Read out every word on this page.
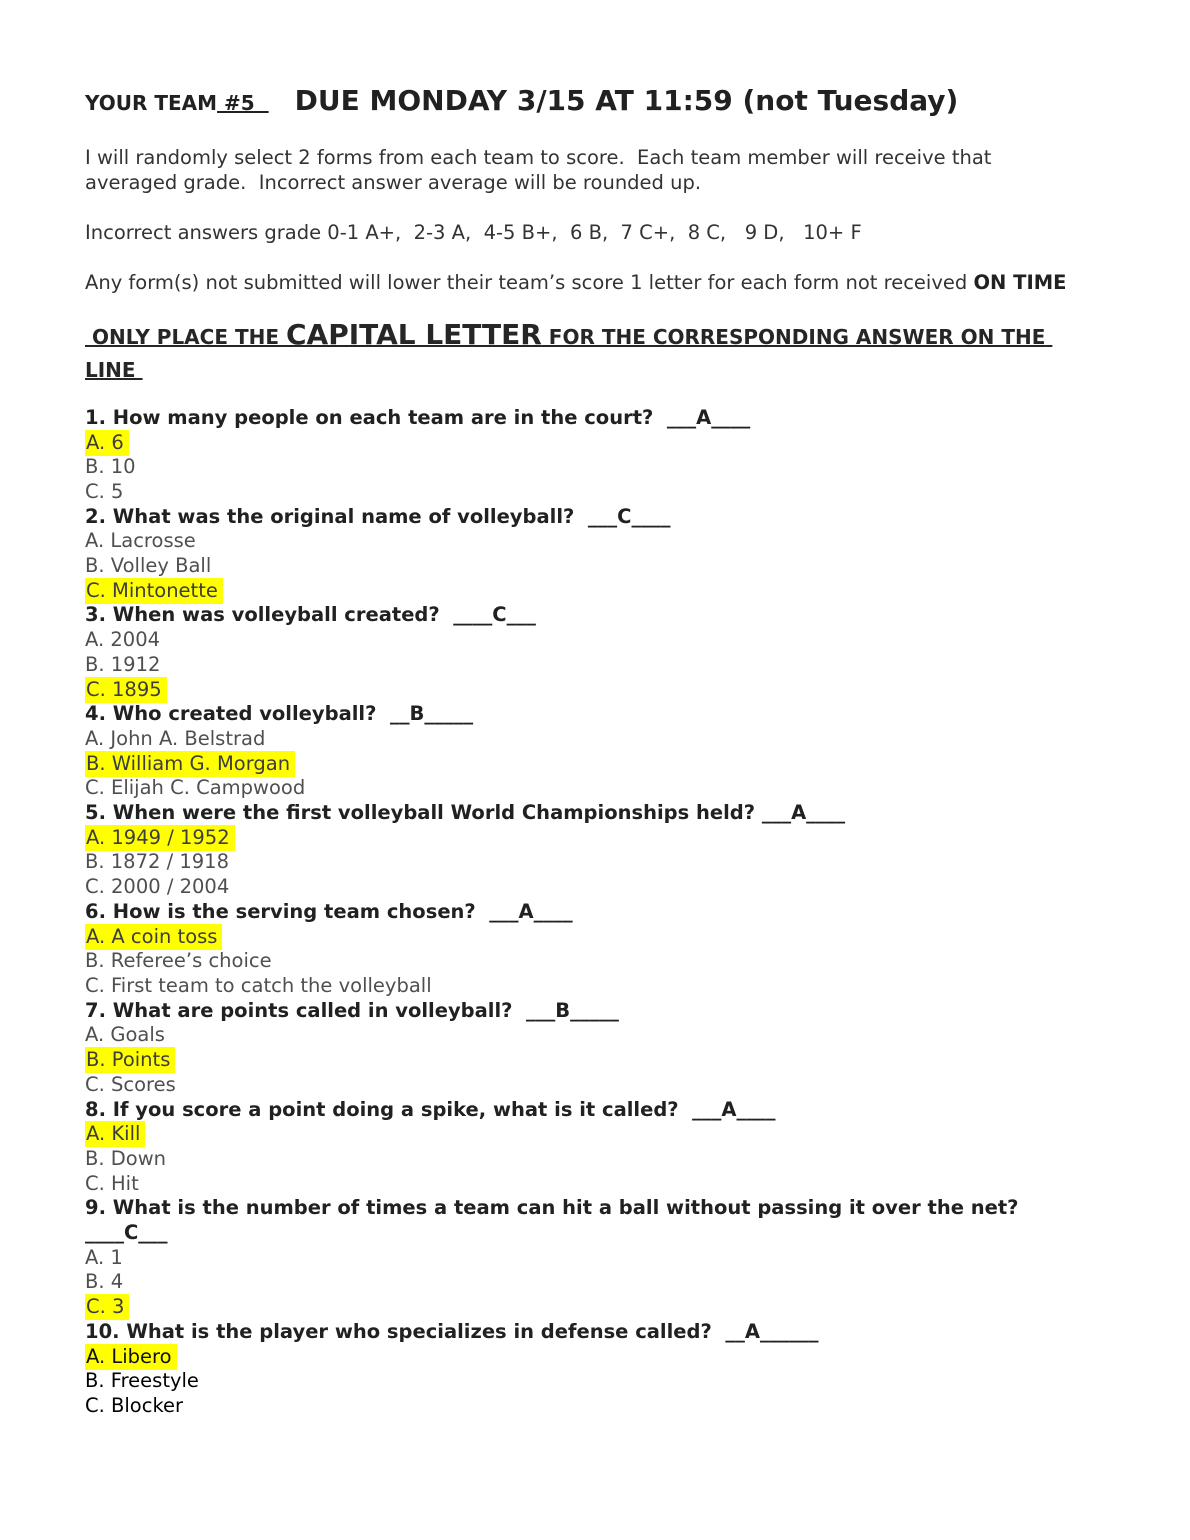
YOUR TEAM #5  DUE MONDAY 3/15 AT 11:59 (not Tuesday)

I will randomly select 2 forms from each team to score.  Each team member will receive that averaged grade.  Incorrect answer average will be rounded up.

Incorrect answers grade 0-1 A+,  2-3 A,  4-5 B+,  6 B,  7 C+,  8 C,   9 D,   10+ F

Any form(s) not submitted will lower their team’s score 1 letter for each form not received ON TIME

ONLY PLACE THE CAPITAL LETTER FOR THE CORRESPONDING ANSWER ON THE LINE
1. How many people on each team are in the court?  ___A____
A. 6
B. 10
C. 5
2. What was the original name of volleyball?  ___C____
A. Lacrosse
B. Volley Ball
C. Mintonette
3. When was volleyball created?  ____C___
A. 2004
B. 1912
C. 1895
4. Who created volleyball?  __B_____
A. John A. Belstrad
B. William G. Morgan
C. Elijah C. Campwood
5. When were the first volleyball World Championships held? ___A____
A. 1949 / 1952
B. 1872 / 1918
C. 2000 / 2004
6. How is the serving team chosen?  ___A____
A. A coin toss
B. Referee’s choice
C. First team to catch the volleyball
7. What are points called in volleyball?  ___B_____
A. Goals
B. Points
C. Scores
8. If you score a point doing a spike, what is it called?  ___A____
A. Kill
B. Down
C. Hit
9. What is the number of times a team can hit a ball without passing it over the net?   ____C___
A. 1
B. 4
C. 3
10. What is the player who specializes in defense called?  __A______
A. Libero
B. Freestyle
C. Blocker
